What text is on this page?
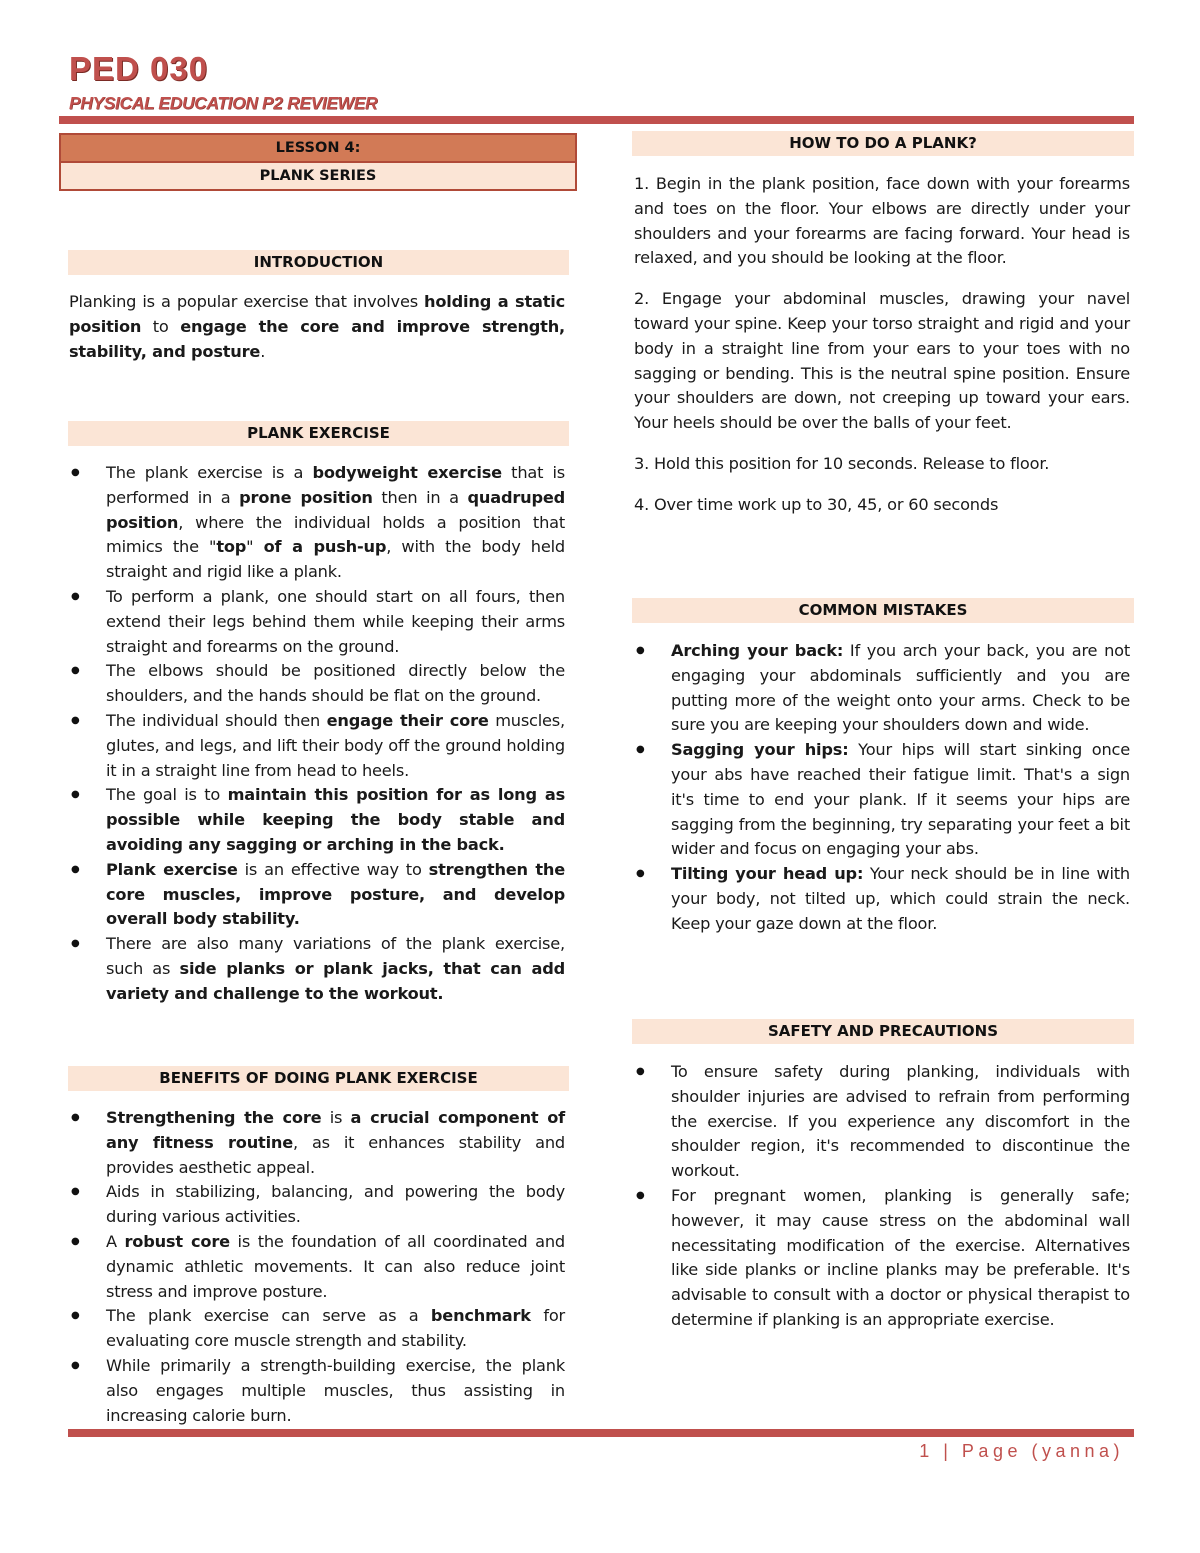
PED 030
PHYSICAL EDUCATION P2 REVIEWER
LESSON 4:
PLANK SERIES
INTRODUCTION

Planking is a popular exercise that involves holding a static position to engage the core and improve strength, stability, and posture.

PLANK EXERCISE
● The plank exercise is a bodyweight exercise that is performed in a prone position then in a quadruped position, where the individual holds a position that mimics the "top" of a push-up, with the body held straight and rigid like a plank.
● To perform a plank, one should start on all fours, then extend their legs behind them while keeping their arms straight and forearms on the ground.
● The elbows should be positioned directly below the shoulders, and the hands should be flat on the ground.
● The individual should then engage their core muscles, glutes, and legs, and lift their body off the ground holding it in a straight line from head to heels.
● The goal is to maintain this position for as long as possible while keeping the body stable and avoiding any sagging or arching in the back.
● Plank exercise is an effective way to strengthen the core muscles, improve posture, and develop overall body stability.
● There are also many variations of the plank exercise, such as side planks or plank jacks, that can add variety and challenge to the workout.
BENEFITS OF DOING PLANK EXERCISE
● Strengthening the core is a crucial component of any fitness routine, as it enhances stability and provides aesthetic appeal.
● Aids in stabilizing, balancing, and powering the body during various activities.
● A robust core is the foundation of all coordinated and dynamic athletic movements. It can also reduce joint stress and improve posture.
● The plank exercise can serve as a benchmark for evaluating core muscle strength and stability.
● While primarily a strength-building exercise, the plank also engages multiple muscles, thus assisting in increasing calorie burn.
HOW TO DO A PLANK?

1. Begin in the plank position, face down with your forearms and toes on the floor. Your elbows are directly under your shoulders and your forearms are facing forward. Your head is relaxed, and you should be looking at the floor.

2. Engage your abdominal muscles, drawing your navel toward your spine. Keep your torso straight and rigid and your body in a straight line from your ears to your toes with no sagging or bending. This is the neutral spine position. Ensure your shoulders are down, not creeping up toward your ears. Your heels should be over the balls of your feet.

3. Hold this position for 10 seconds. Release to floor.

4. Over time work up to 30, 45, or 60 seconds

COMMON MISTAKES
● Arching your back: If you arch your back, you are not engaging your abdominals sufficiently and you are putting more of the weight onto your arms. Check to be sure you are keeping your shoulders down and wide.
● Sagging your hips: Your hips will start sinking once your abs have reached their fatigue limit. That's a sign it's time to end your plank. If it seems your hips are sagging from the beginning, try separating your feet a bit wider and focus on engaging your abs.
● Tilting your head up: Your neck should be in line with your body, not tilted up, which could strain the neck. Keep your gaze down at the floor.
SAFETY AND PRECAUTIONS
● To ensure safety during planking, individuals with shoulder injuries are advised to refrain from performing the exercise. If you experience any discomfort in the shoulder region, it's recommended to discontinue the workout.
● For pregnant women, planking is generally safe; however, it may cause stress on the abdominal wall necessitating modification of the exercise. Alternatives like side planks or incline planks may be preferable. It's advisable to consult with a doctor or physical therapist to determine if planking is an appropriate exercise.
1 | Page (yanna)
